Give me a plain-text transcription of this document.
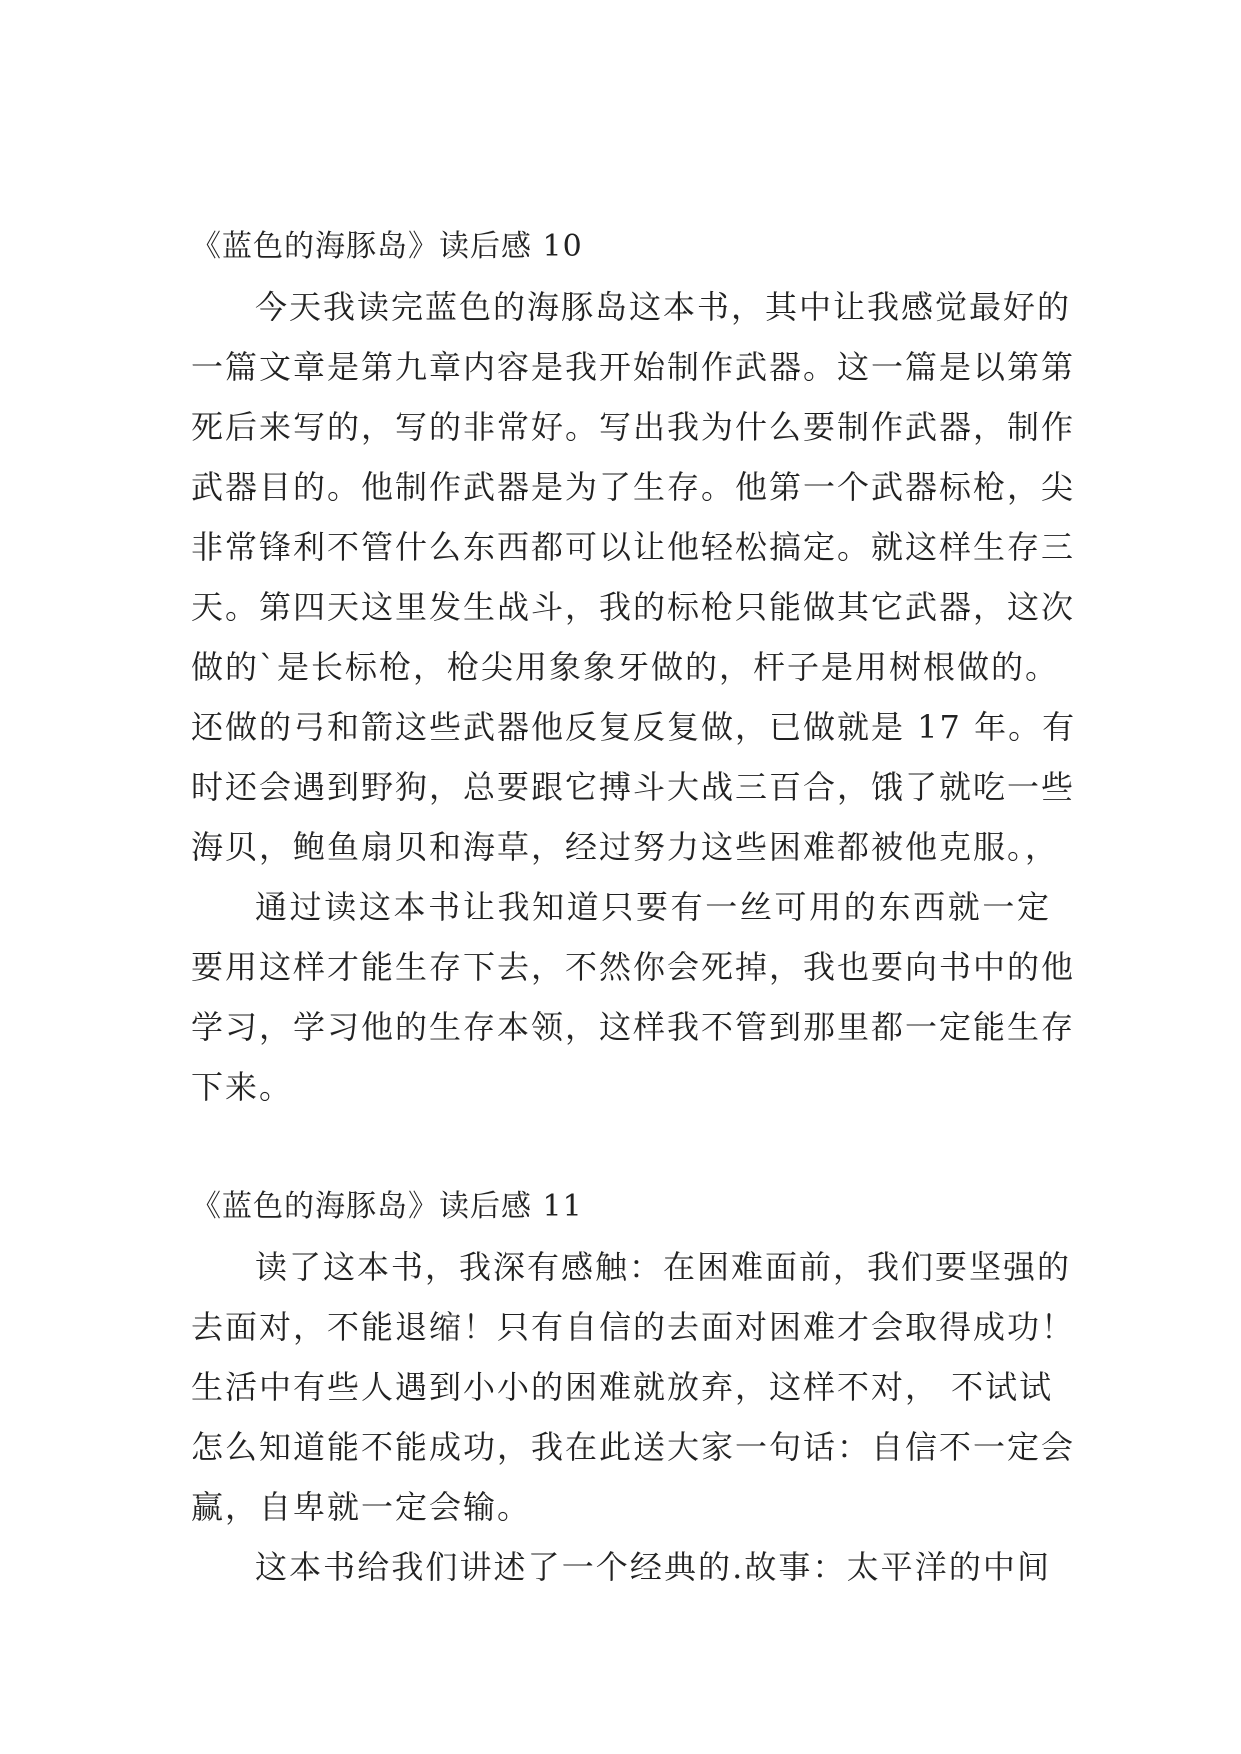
《蓝色的海豚岛》读后感 10
今天我读完蓝色的海豚岛这本书，其中让我感觉最好的
一篇文章是第九章内容是我开始制作武器。这一篇是以第第
死后来写的，写的非常好。写出我为什么要制作武器，制作
武器目的。他制作武器是为了生存。他第一个武器标枪，尖
非常锋利不管什么东西都可以让他轻松搞定。就这样生存三
天。第四天这里发生战斗，我的标枪只能做其它武器，这次
做的`是长标枪，枪尖用象象牙做的，杆子是用树根做的。
还做的弓和箭这些武器他反复反复做，已做就是 17 年。有
时还会遇到野狗，总要跟它搏斗大战三百合，饿了就吃一些
海贝，鲍鱼扇贝和海草，经过努力这些困难都被他克服。，
通过读这本书让我知道只要有一丝可用的东西就一定
要用这样才能生存下去，不然你会死掉，我也要向书中的他
学习，学习他的生存本领，这样我不管到那里都一定能生存
下来。
《蓝色的海豚岛》读后感 11
读了这本书，我深有感触：在困难面前，我们要坚强的
去面对，不能退缩！只有自信的去面对困难才会取得成功！
生活中有些人遇到小小的困难就放弃，这样不对， 不试试
怎么知道能不能成功，我在此送大家一句话：自信不一定会
赢，自卑就一定会输。
这本书给我们讲述了一个经典的.故事：太平洋的中间
